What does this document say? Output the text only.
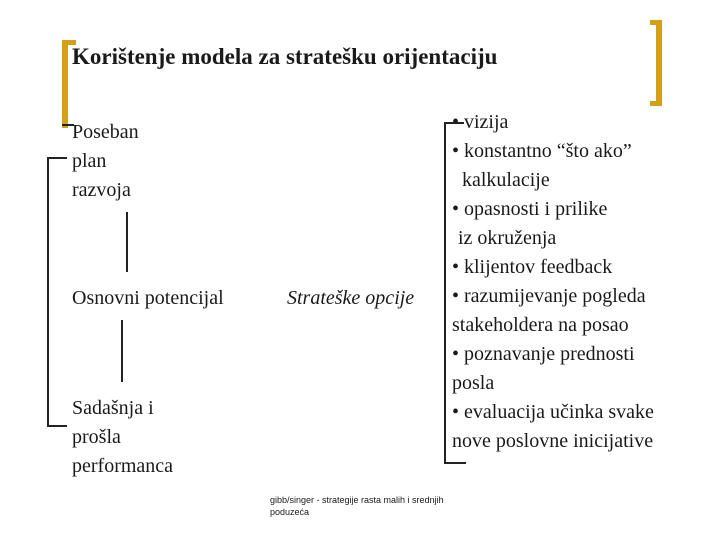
Korištenje modela za stratešku orijentaciju
Poseban
plan
razvoja
Osnovni potencijal
Sadašnja i
prošla
performanca
Strateške opcije
• vizija
• konstantno “što ako”
kalkulacije
• opasnosti i prilike
iz okruženja
• klijentov feedback
• razumijevanje pogleda
stakeholdera na posao
• poznavanje prednosti
posla
• evaluacija učinka svake
nove poslovne inicijative
gibb/singer - strategije rasta malih i srednjih
poduzeća
